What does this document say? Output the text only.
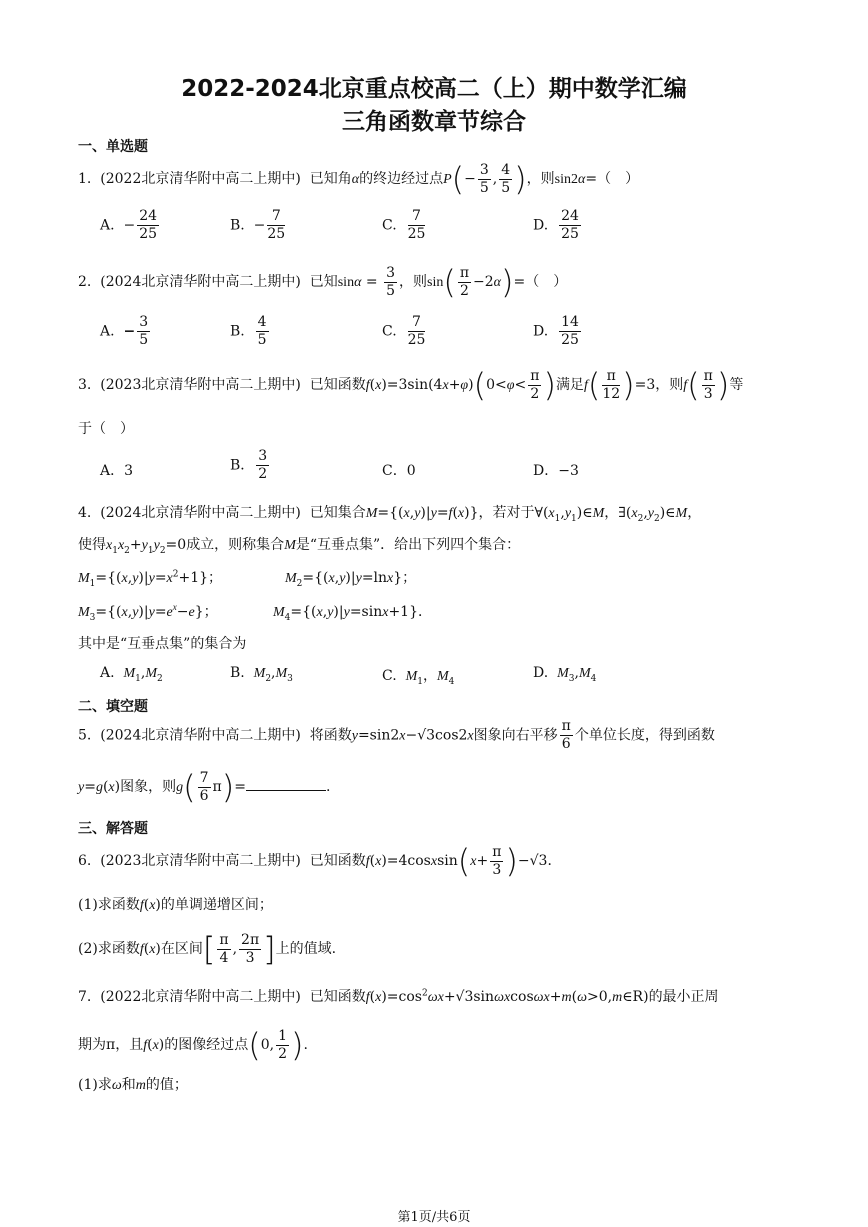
2022-2024北京重点校高二（上）期中数学汇编
三角函数章节综合
一、单选题
1. (2022北京清华附中高二上期中) 已知角α的终边经过点$P(- \frac{3}{5}$ , $\frac{4}{5}$ )，则sin2α=（　）
A.  − $\frac{24}{25}$	B.  − $\frac{7}{25}$	C. $\frac{7}{25}$	D. $\frac{24}{25}$
2. (2024北京清华附中高二上期中) 已知$\sin\alpha = \frac{3}{5}$ ，则$\sin( \frac{\pi}{2} -2\alpha)=$（　）
A.  − $\frac{3}{5}$	B. $\frac{4}{5}$	C. $\frac{7}{25}$	D. $\frac{14}{25}$
3. (2023北京清华附中高二上期中) 已知函数$f(x)=3\sin(4x+\varphi)(0<\varphi< \frac{\pi}{2}$ )满足$f( \frac{\pi}{12} )=3$，则$f( \frac{\pi}{3}$ )等
于（　）
A．3	B． $\frac{3}{2}$	C．0	D．−3
4. (2024北京清华附中高二上期中) 已知集合M={(x,y)|y=f(x)}，若对于$\forall(x_1,y_1)\in M$，$\exists(x_2,y_2)\in M$，
使得$x_1x_2+y_1y_2=0$成立，则称集合M是“互垂点集”．给出下列四个集合：
$M_1=\{(x,y)|y=x^2+1\}$；	$M_2=\{(x,y)|y=\ln x\}$；
$M_3=\{(x,y)|y=e^x-e\}$；	$M_4=\{(x,y)|y=\sin x+1\}$．
其中是“互垂点集”的集合为
A.  $M_1,M_2$	B.  $M_2,M_3$	C.  $M_1$，$M_4$
D.  $M_3,M_4$
二、填空题
5. (2024北京清华附中高二上期中) 将函数y=sin2x−√3cos2x图象向右平移 $\frac{\pi}{6}$ 个单位长度，得到函数
y=g(x)图象，则$g( \frac{7}{6} \pi)=$	.
三、解答题
6. (2023北京清华附中高二上期中) 已知函数f(x)=4cosxsin(x+ $\frac{\pi}{3} )-√3$．
(1)求函数f(x)的单调递增区间；
(2)求函数f(x)在区间[ $\frac{\pi}{4}$ , $\frac{2\pi}{3}$ ]上的值域.
7. (2022北京清华附中高二上期中) 已知函数$f(x)=\cos^2\omega x+√3\sin\omega xcos\omega x+m(\omega>0,m\in R)$的最小正周
期为π，且f(x)的图像经过点(0, $\frac{1}{2}$ ).
(1)求ω和m的值；
第1页/共6页
